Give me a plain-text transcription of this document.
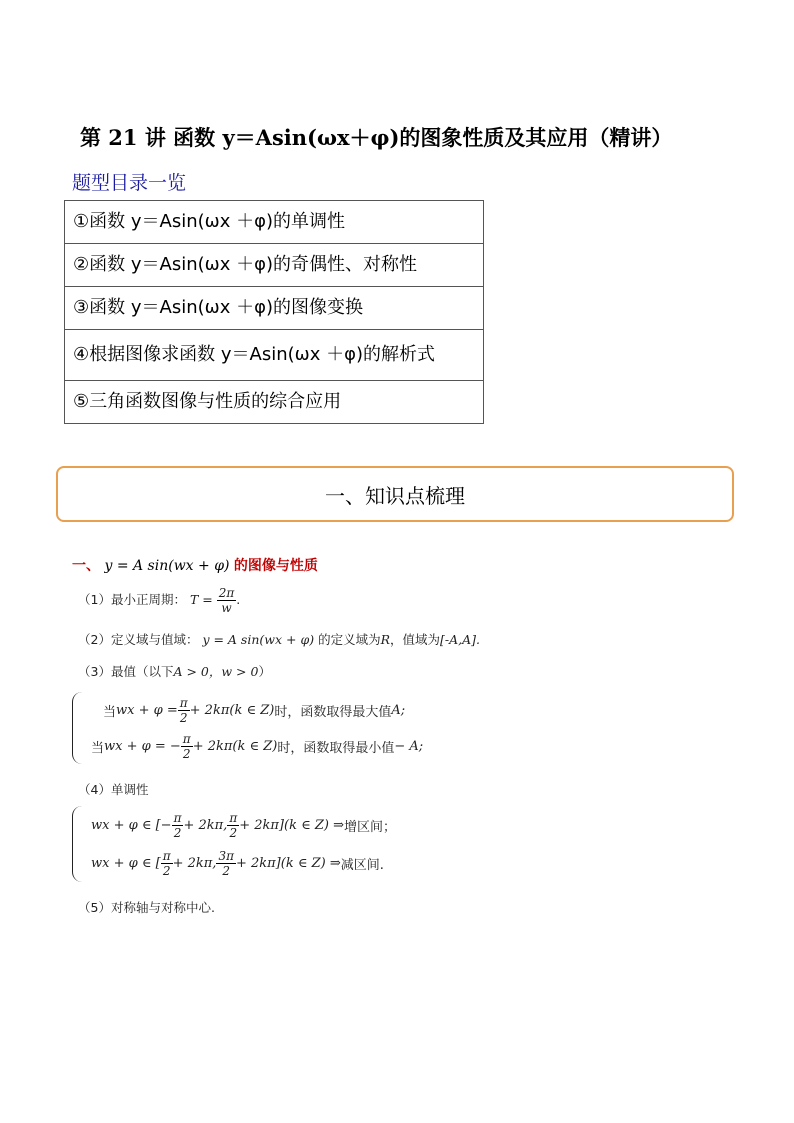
第 21 讲 函数 y＝Asin(ωx＋φ)的图象性质及其应用（精讲）
题型目录一览
①函数 y＝Asin(ωx ＋φ)的单调性
②函数 y＝Asin(ωx ＋φ)的奇偶性、对称性
③函数 y＝Asin(ωx ＋φ)的图像变换
④根据图像求函数 y＝Asin(ωx ＋φ)的解析式
⑤三角函数图像与性质的综合应用
一、知识点梳理
一、 y = A sin(wx + φ) 的图像与性质
（1）最小正周期： $T = \frac{2\pi}{w}$ .
（2）定义域与值域： y = A sin(wx + φ) 的定义域为R，值域为[-A,A].
（3）最值（以下A > 0，w > 0）
当 wx + $\varphi = \frac{\pi}{2} + 2k\pi(k$ ∈ Z) 时，函数取得最大值 A;
当 wx + φ = − $\frac{\pi}{2} + 2k\pi(k$ ∈ Z) 时，函数取得最小值 − A;
（4）单调性
wx + φ ∈ [− $\frac{\pi}{2} + 2k\pi$, $\frac{\pi}{2} + 2k\pi](k$ ∈ Z) ⇒ 增区间；
wx + φ ∈ [ $\frac{\pi}{2} + 2k\pi$, $\frac{3\pi}{2} + 2k\pi](k$ ∈ Z) ⇒ 减区间.
（5）对称轴与对称中心.
